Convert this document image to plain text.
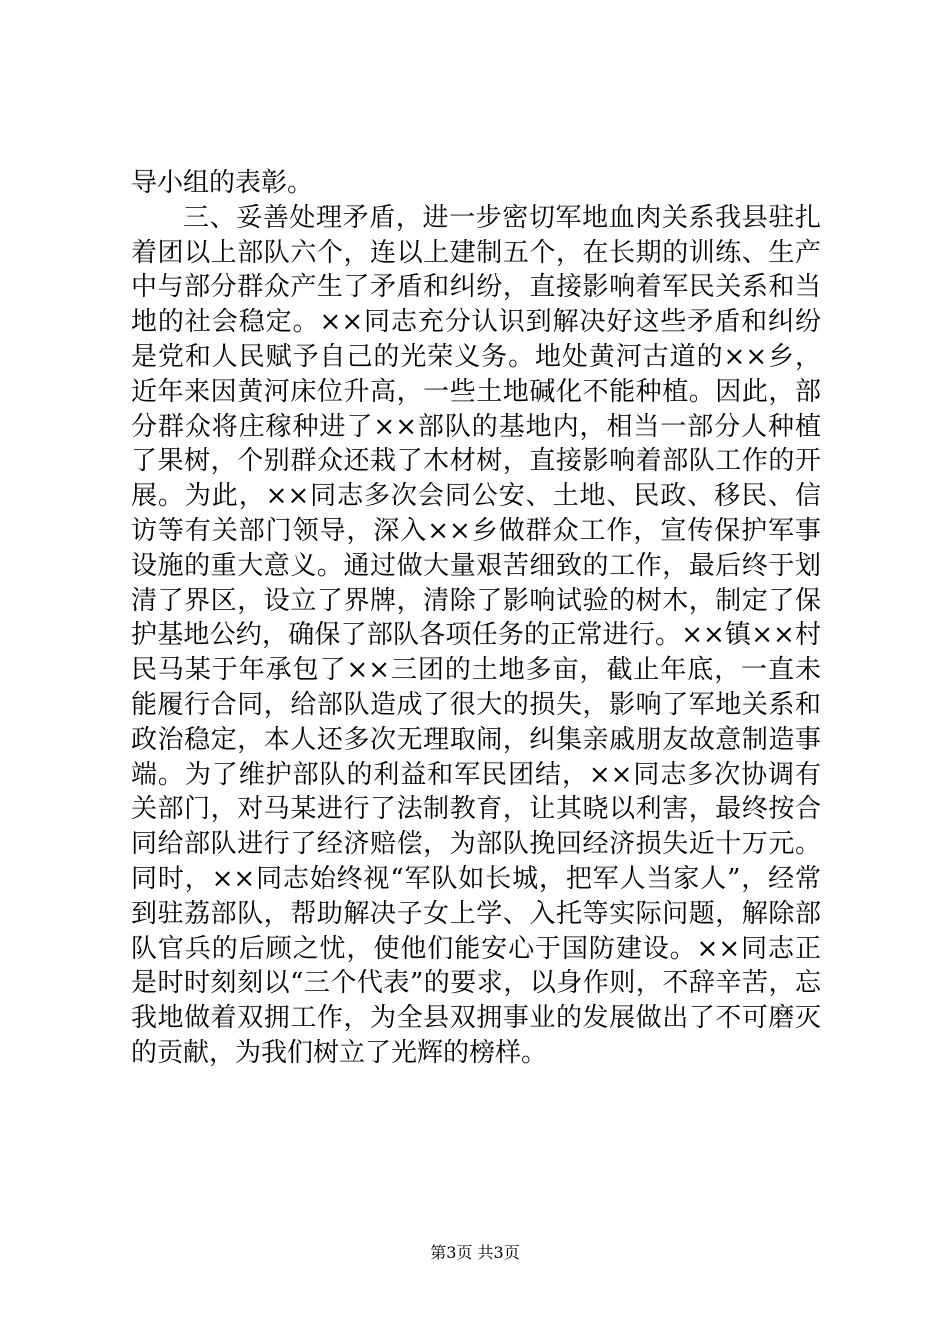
导小组的表彰。

三、妥善处理矛盾，进一步密切军地血肉关系我县驻扎着团以上部队六个，连以上建制五个，在长期的训练、生产中与部分群众产生了矛盾和纠纷，直接影响着军民关系和当地的社会稳定。××同志充分认识到解决好这些矛盾和纠纷是党和人民赋予自己的光荣义务。地处黄河古道的××乡，近年来因黄河床位升高，一些土地碱化不能种植。因此，部分群众将庄稼种进了××部队的基地内，相当一部分人种植了果树，个别群众还栽了木材树，直接影响着部队工作的开展。为此，××同志多次会同公安、土地、民政、移民、信访等有关部门领导，深入××乡做群众工作，宣传保护军事设施的重大意义。通过做大量艰苦细致的工作，最后终于划清了界区，设立了界牌，清除了影响试验的树木，制定了保护基地公约，确保了部队各项任务的正常进行。××镇××村民马某于年承包了××三团的土地多亩，截止年底，一直未能履行合同，给部队造成了很大的损失，影响了军地关系和政治稳定，本人还多次无理取闹，纠集亲戚朋友故意制造事端。为了维护部队的利益和军民团结，××同志多次协调有关部门，对马某进行了法制教育，让其晓以利害，最终按合同给部队进行了经济赔偿，为部队挽回经济损失近十万元。同时，××同志始终视“军队如长城，把军人当家人”，经常到驻荔部队，帮助解决子女上学、入托等实际问题，解除部队官兵的后顾之忧，使他们能安心于国防建设。××同志正是时时刻刻以“三个代表”的要求，以身作则，不辞辛苦，忘我地做着双拥工作，为全县双拥事业的发展做出了不可磨灭的贡献，为我们树立了光辉的榜样。

第3页 共3页
